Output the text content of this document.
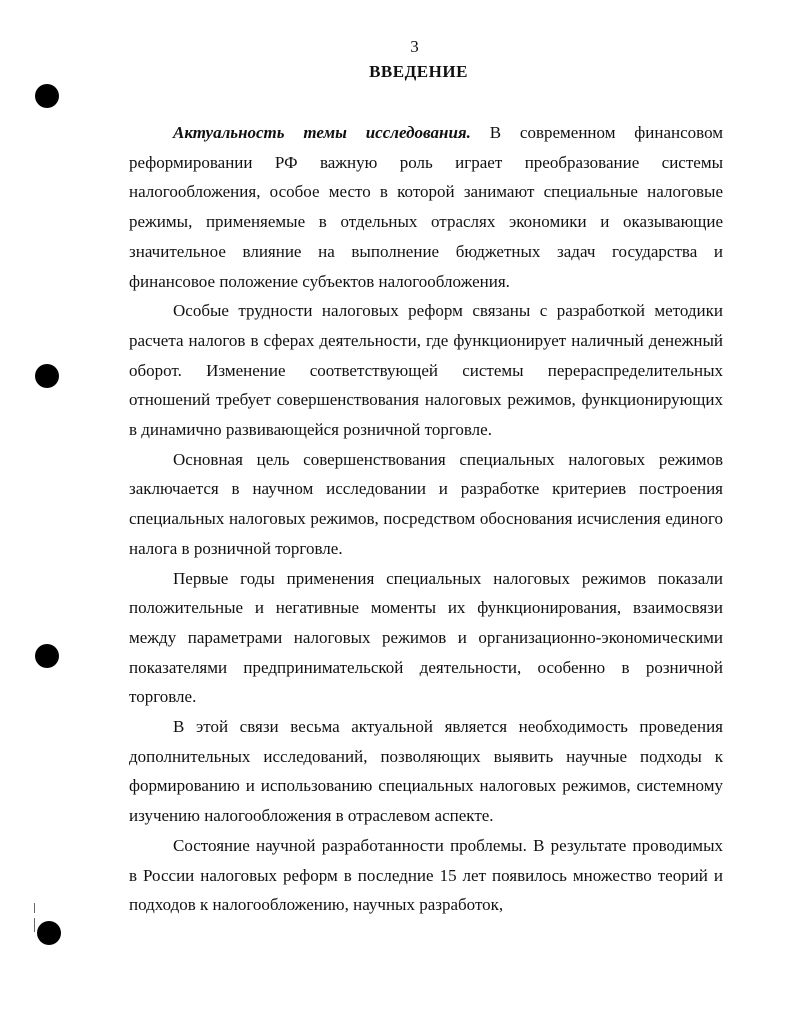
3
ВВЕДЕНИЕ

Актуальность темы исследования. В современном финансовом реформировании РФ важную роль играет преобразование системы налогообложения, особое место в которой занимают специальные налоговые режимы, применяемые в отдельных отраслях экономики и оказывающие значительное влияние на выполнение бюджетных задач государства и финансовое положение субъектов налогообложения.

Особые трудности налоговых реформ связаны с разработкой методики расчета налогов в сферах деятельности, где функционирует наличный денежный оборот. Изменение соответствующей системы перераспределительных отношений требует совершенствования налоговых режимов, функционирующих в динамично развивающейся розничной торговле.

Основная цель совершенствования специальных налоговых режимов заключается в научном исследовании и разработке критериев построения специальных налоговых режимов, посредством обоснования исчисления единого налога в розничной торговле.

Первые годы применения специальных налоговых режимов показали положительные и негативные моменты их функционирования, взаимосвязи между параметрами налоговых режимов и организационно-экономическими показателями предпринимательской деятельности, особенно в розничной торговле.

В этой связи весьма актуальной является необходимость проведения дополнительных исследований, позволяющих выявить научные подходы к формированию и использованию специальных налоговых режимов, системному изучению налогообложения в отраслевом аспекте.

Состояние научной разработанности проблемы. В результате проводимых в России налоговых реформ в последние 15 лет появилось множество теорий и подходов к налогообложению, научных разработок,
